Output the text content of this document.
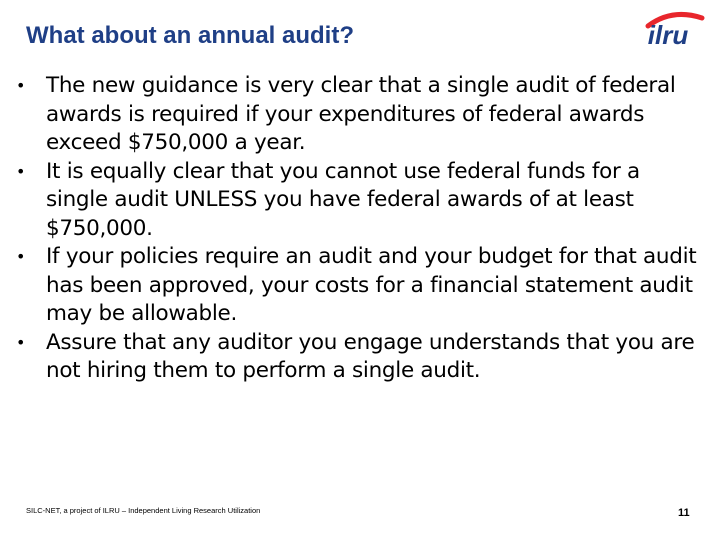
What about an annual audit?	ilru
• The new guidance is very clear that a single audit of federal awards is required if your expenditures of federal awards exceed $750,000 a year.
• It is equally clear that you cannot use federal funds for a single audit UNLESS you have federal awards of at least $750,000.
• If your policies require an audit and your budget for that audit has been approved, your costs for a financial statement audit may be allowable.
• Assure that any auditor you engage understands that you are not hiring them to perform a single audit.
SILC-NET, a project of ILRU – Independent Living Research Utilization	11
